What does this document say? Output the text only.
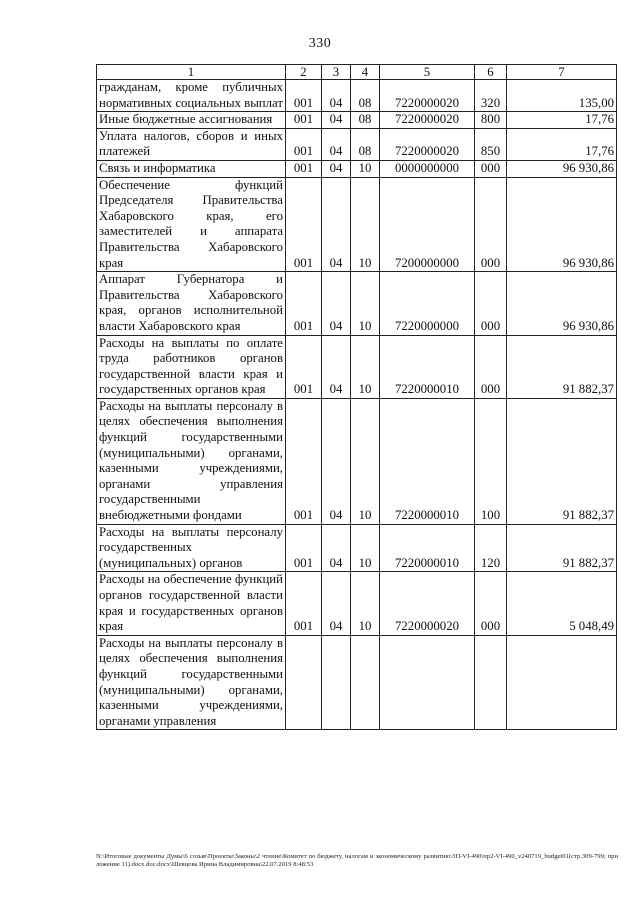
330
1	2	3	4	5	6	7
гражданам, кроме публичных нормативных социальных выплат	001	04	08	7220000020	320	135,00
Иные бюджетные ассигнования	001	04	08	7220000020	800	17,76
Уплата налогов, сборов и иных платежей	001	04	08	7220000020	850	17,76
Связь и информатика	001	04	10	0000000000	000	96 930,86
Обеспечение функций Председателя Правительства Хабаровского края, его заместителей и аппарата Правительства Хабаровского края	001	04	10	7200000000	000	96 930,86
Аппарат Губернатора и Правительства Хабаровского края, органов исполнительной власти Хабаровского края	001	04	10	7220000000	000	96 930,86
Расходы на выплаты по оплате труда работников органов государственной власти края и государственных органов края	001	04	10	7220000010	000	91 882,37
Расходы на выплаты персоналу в целях обеспечения выполнения функций государственными (муниципальными) органами, казенными учреждениями, органами управления государственными внебюджетными фондами	001	04	10	7220000010	100	91 882,37
Расходы на выплаты персоналу государственных (муниципальных) органов	001	04	10	7220000010	120	91 882,37
Расходы на обеспечение функций органов государственной власти края и государственных органов края	001	04	10	7220000020	000	5 048,49
Расходы на выплаты персоналу в целях обеспечения выполнения функций государственными (муниципальными) органами, казенными учреждениями, органами управления						
N:\Итоговые документы Думы\6 созыв\Проекты\Законы\2 чтение\Комитет по бюджету, налогам и экономическому развитию\3П-VI-490\пр2-VI-490_v240719_budget01(стр.309-799; приложение 11).docx.doc.docx\Шевцова Ирина Владимировна\22.07.2019 8:48:53
